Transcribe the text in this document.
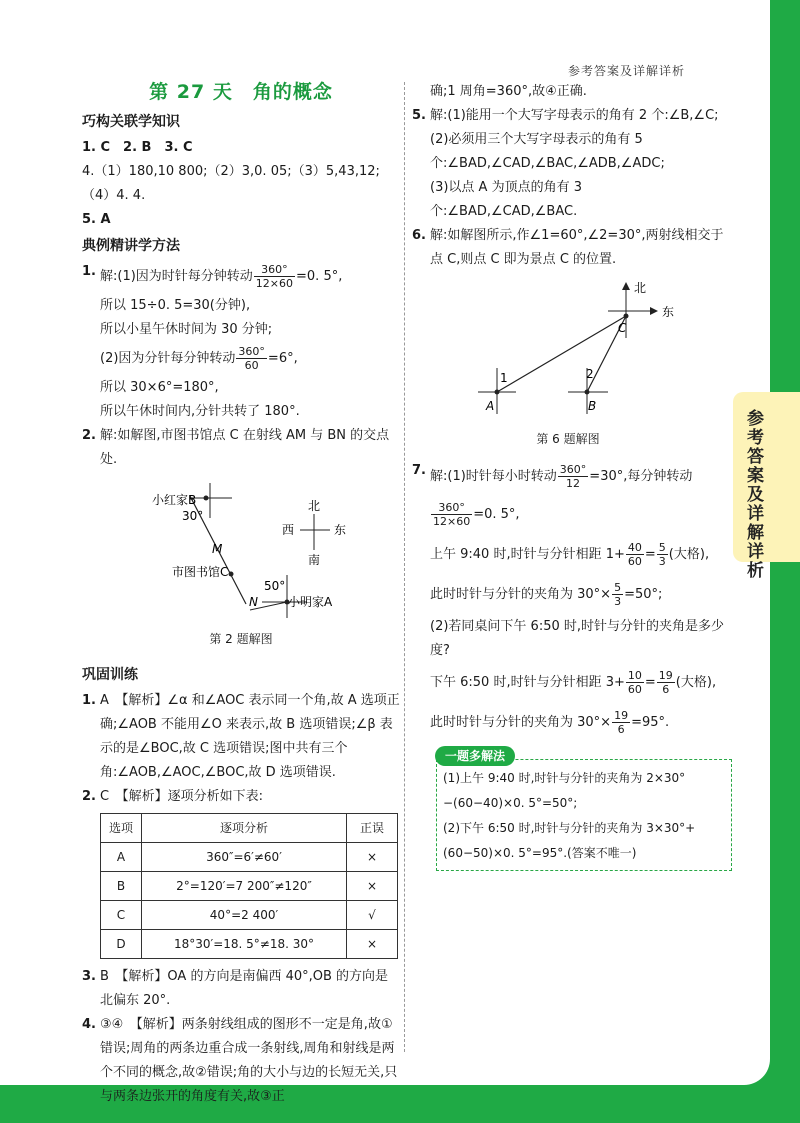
参考答案及详解详析
第 27 天　角的概念
巧构关联学知识

1. C　2. B　3. C

4.（1）180,10 800;（2）3,0. 05;（3）5,43,12;（4）4. 4.

5. A

典例精讲学方法
1. 解:(1)因为时针每分钟转动 $\frac{360^\circ}{12\times 60} =0$. 5°,

所以 15÷0. 5=30(分钟),

所以小星午休时间为 30 分钟;

(2)因为分针每分钟转动 $\frac{360^\circ}{60} =6^\circ$,

所以 30×6°=180°,

所以午休时间内,分针共转了 180°.

2. 解:如解图,市图书馆点 C 在射线 AM 与 BN 的交点处.

小红家B
30°
M
市图书馆C
50°
N	小明家A
北
南
西	东

第 2 题解图

巩固训练
1. A　【解析】∠α 和∠AOC 表示同一个角,故 A 选项正确;∠AOB 不能用∠O 来表示,故 B 选项错误;∠β 表示的是∠BOC,故 C 选项错误;图中共有三个角:∠AOB,∠AOC,∠BOC,故 D 选项错误.

2. C　【解析】逐项分析如下表:

选项	逐项分析	正误
A	360″=6′≠60′	×
B	2°=120′=7 200″≠120″	×
C	40°=2 400′	√
D	18°30′=18. 5°≠18. 30°	×
3. B　【解析】OA 的方向是南偏西 40°,OB 的方向是北偏东 20°.

4. ③④　【解析】两条射线组成的图形不一定是角,故①错误;周角的两条边重合成一条射线,周角和射线是两个不同的概念,故②错误;角的大小与边的长短无关,只与两条边张开的角度有关,故③正

确;1 周角=360°,故④正确.

5. 解:(1)能用一个大写字母表示的角有 2 个:∠B,∠C;

(2)必须用三个大写字母表示的角有 5 个:∠BAD,∠CAD,∠BAC,∠ADB,∠ADC;

(3)以点 A 为顶点的角有 3 个:∠BAD,∠CAD,∠BAC.

6. 解:如解图所示,作∠1=60°,∠2=30°,两射线相交于点 C,则点 C 即为景点 C 的位置.

北
东
C
1	2
A	B

第 6 题解图

7. 解:(1)时针每小时转动 $\frac{360^\circ}{12} =30^\circ$,每分钟转动

$\frac{360^\circ}{12\times 60} =0$. 5°,

上午 9:40 时,时针与分针相距 $1+ \frac{40}{60} = \frac{5}{3}$ (大格),

此时时针与分针的夹角为 $30^\circ\times \frac{5}{3} =50^\circ$;

(2)若同桌问下午 6:50 时,时针与分针的夹角是多少度?

下午 6:50 时,时针与分针相距 $3+ \frac{10}{60} = \frac{19}{6}$ (大格),

此时时针与分针的夹角为 $30^\circ\times \frac{19}{6} =95^\circ$.

一题多解法

(1)上午 9:40 时,时针与分针的夹角为 2×30°−(60−40)×0. 5°=50°;

(2)下午 6:50 时,时针与分针的夹角为 3×30°+(60−50)×0. 5°=95°.(答案不唯一)

参考答案及详解详析
